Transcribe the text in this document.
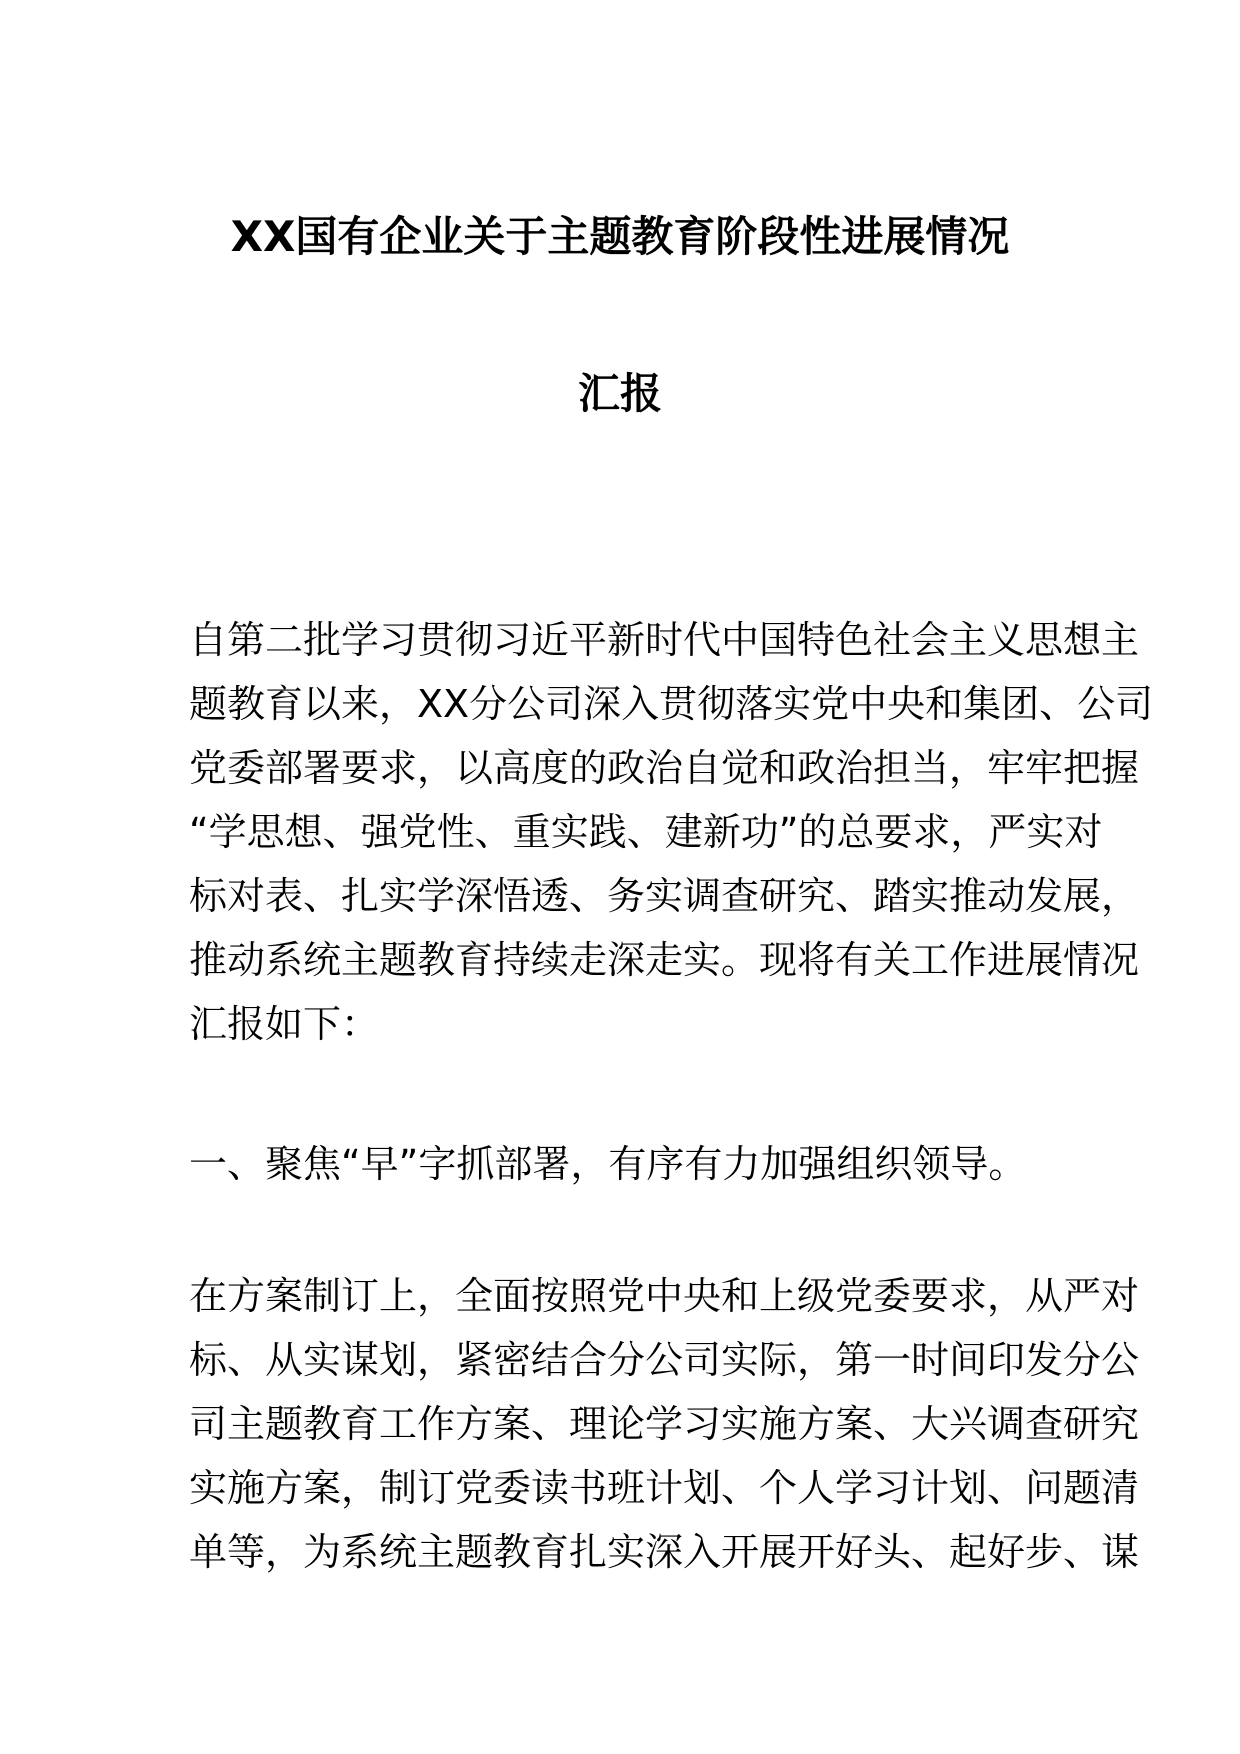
XX国有企业关于主题教育阶段性进展情况
汇报
自第二批学习贯彻习近平新时代中国特色社会主义思想主
题教育以来，XX分公司深入贯彻落实党中央和集团、公司
党委部署要求，以高度的政治自觉和政治担当，牢牢把握
“学思想、强党性、重实践、建新功”的总要求，严实对
标对表、扎实学深悟透、务实调查研究、踏实推动发展，
推动系统主题教育持续走深走实。现将有关工作进展情况
汇报如下：
一、聚焦“早”字抓部署，有序有力加强组织领导。
在方案制订上，全面按照党中央和上级党委要求，从严对
标、从实谋划，紧密结合分公司实际，第一时间印发分公
司主题教育工作方案、理论学习实施方案、大兴调查研究
实施方案，制订党委读书班计划、个人学习计划、问题清
单等，为系统主题教育扎实深入开展开好头、起好步、谋
